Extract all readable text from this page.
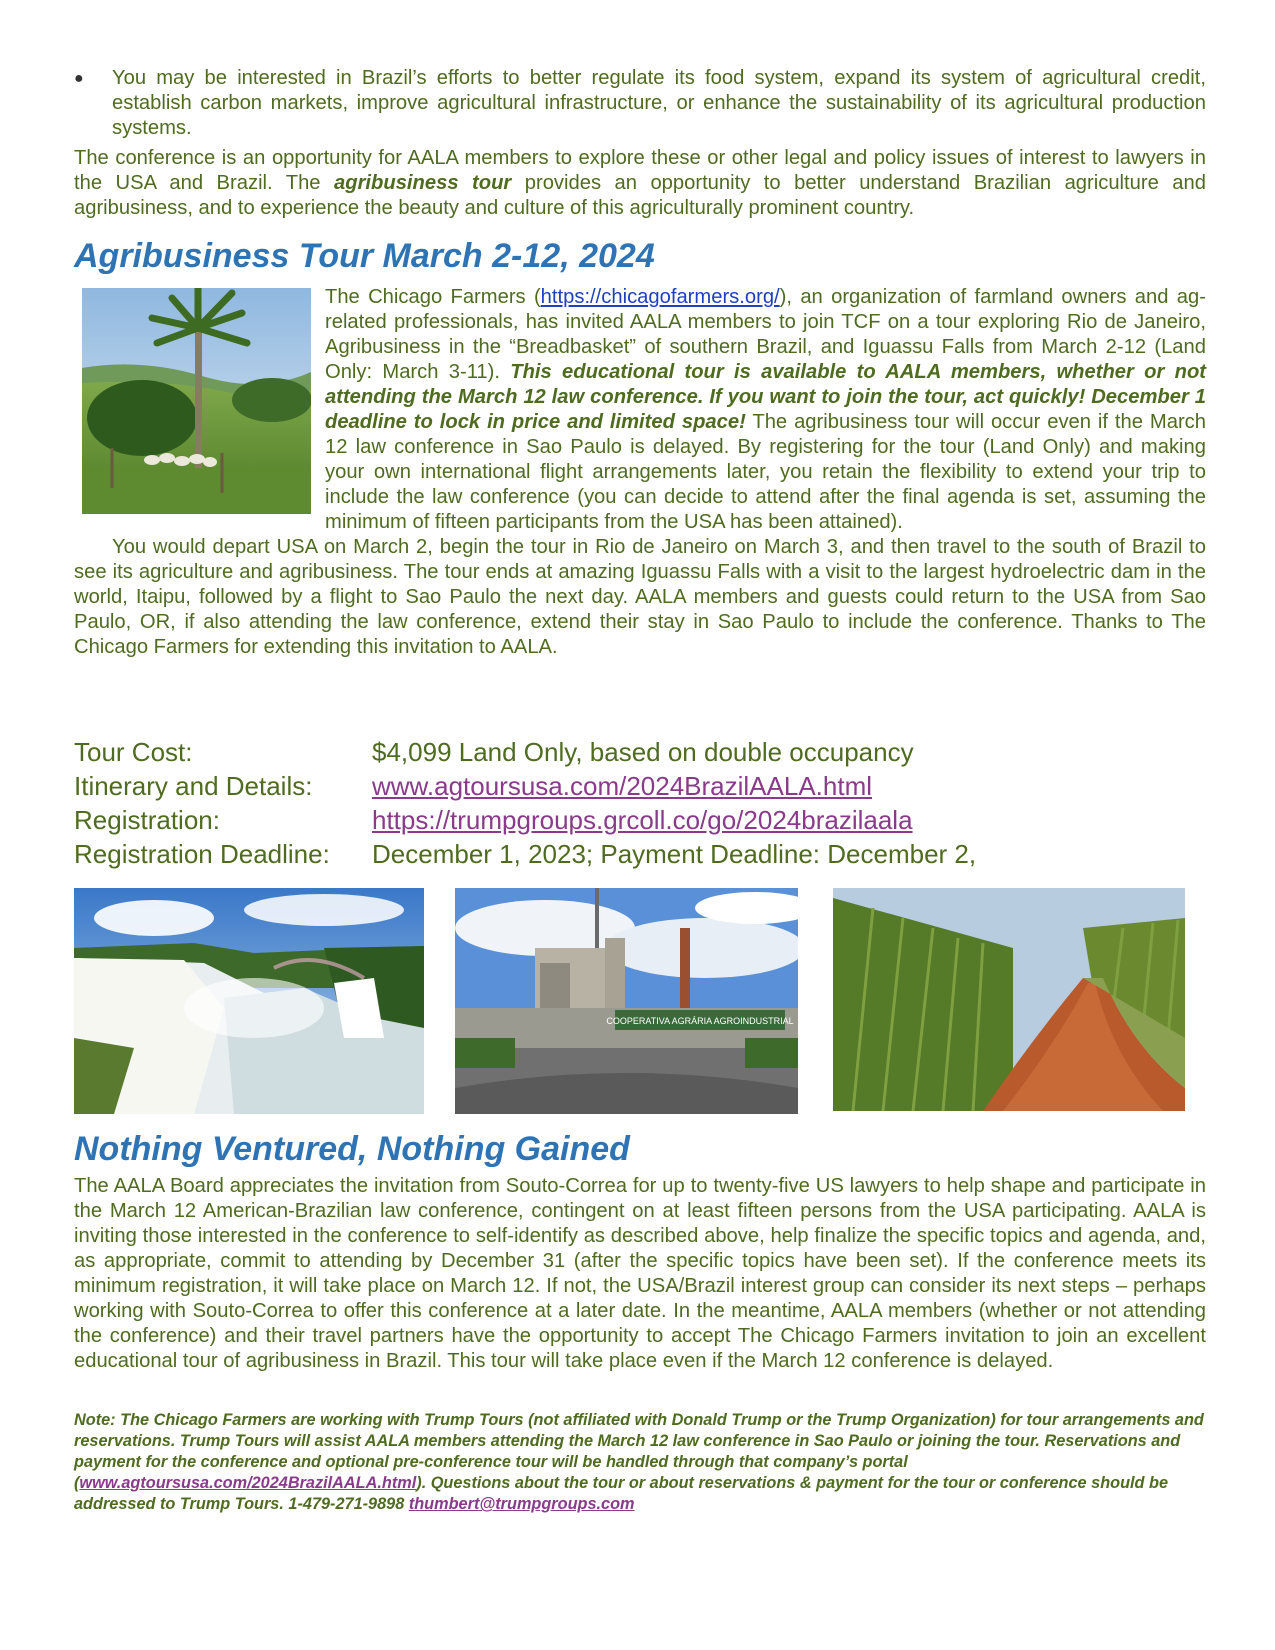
● You may be interested in Brazil’s efforts to better regulate its food system, expand its system of agricultural credit, establish carbon markets, improve agricultural infrastructure, or enhance the sustainability of its agricultural production systems.

The conference is an opportunity for AALA members to explore these or other legal and policy issues of interest to lawyers in the USA and Brazil. The agribusiness tour provides an opportunity to better understand Brazilian agriculture and agribusiness, and to experience the beauty and culture of this agriculturally prominent country.

Agribusiness Tour March 2-12, 2024

The Chicago Farmers (https://chicagofarmers.org/), an organization of farmland owners and ag-related professionals, has invited AALA members to join TCF on a tour exploring Rio de Janeiro, Agribusiness in the “Breadbasket” of southern Brazil, and Iguassu Falls from March 2-12 (Land Only: March 3-11). This educational tour is available to AALA members, whether or not attending the March 12 law conference. If you want to join the tour, act quickly! December 1 deadline to lock in price and limited space! The agribusiness tour will occur even if the March 12 law conference in Sao Paulo is delayed. By registering for the tour (Land Only) and making your own international flight arrangements later, you retain the flexibility to extend your trip to include the law conference (you can decide to attend after the final agenda is set, assuming the minimum of fifteen participants from the USA has been attained).

You would depart USA on March 2, begin the tour in Rio de Janeiro on March 3, and then travel to the south of Brazil to see its agriculture and agribusiness. The tour ends at amazing Iguassu Falls with a visit to the largest hydroelectric dam in the world, Itaipu, followed by a flight to Sao Paulo the next day. AALA members and guests could return to the USA from Sao Paulo, OR, if also attending the law conference, extend their stay in Sao Paulo to include the conference. Thanks to The Chicago Farmers for extending this invitation to AALA.

Tour Cost:	$4,099 Land Only, based on double occupancy
Itinerary and Details:	www.agtoursusa.com/2024BrazilAALA.html
Registration:	https://trumpgroups.grcoll.co/go/2024brazilaala
Registration Deadline:	December 1, 2023; Payment Deadline: December 2,
COOPERATIVA AGRÁRIA AGROINDUSTRIAL
Nothing Ventured, Nothing Gained

The AALA Board appreciates the invitation from Souto-Correa for up to twenty-five US lawyers to help shape and participate in the March 12 American-Brazilian law conference, contingent on at least fifteen persons from the USA participating. AALA is inviting those interested in the conference to self-identify as described above, help finalize the specific topics and agenda, and, as appropriate, commit to attending by December 31 (after the specific topics have been set). If the conference meets its minimum registration, it will take place on March 12. If not, the USA/Brazil interest group can consider its next steps – perhaps working with Souto-Correa to offer this conference at a later date. In the meantime, AALA members (whether or not attending the conference) and their travel partners have the opportunity to accept The Chicago Farmers invitation to join an excellent educational tour of agribusiness in Brazil. This tour will take place even if the March 12 conference is delayed.

Note: The Chicago Farmers are working with Trump Tours (not affiliated with Donald Trump or the Trump Organization) for tour arrangements and reservations. Trump Tours will assist AALA members attending the March 12 law conference in Sao Paulo or joining the tour. Reservations and payment for the conference and optional pre-conference tour will be handled through that company’s portal (www.agtoursusa.com/2024BrazilAALA.html). Questions about the tour or about reservations & payment for the tour or conference should be addressed to Trump Tours. 1-479-271-9898 thumbert@trumpgroups.com
